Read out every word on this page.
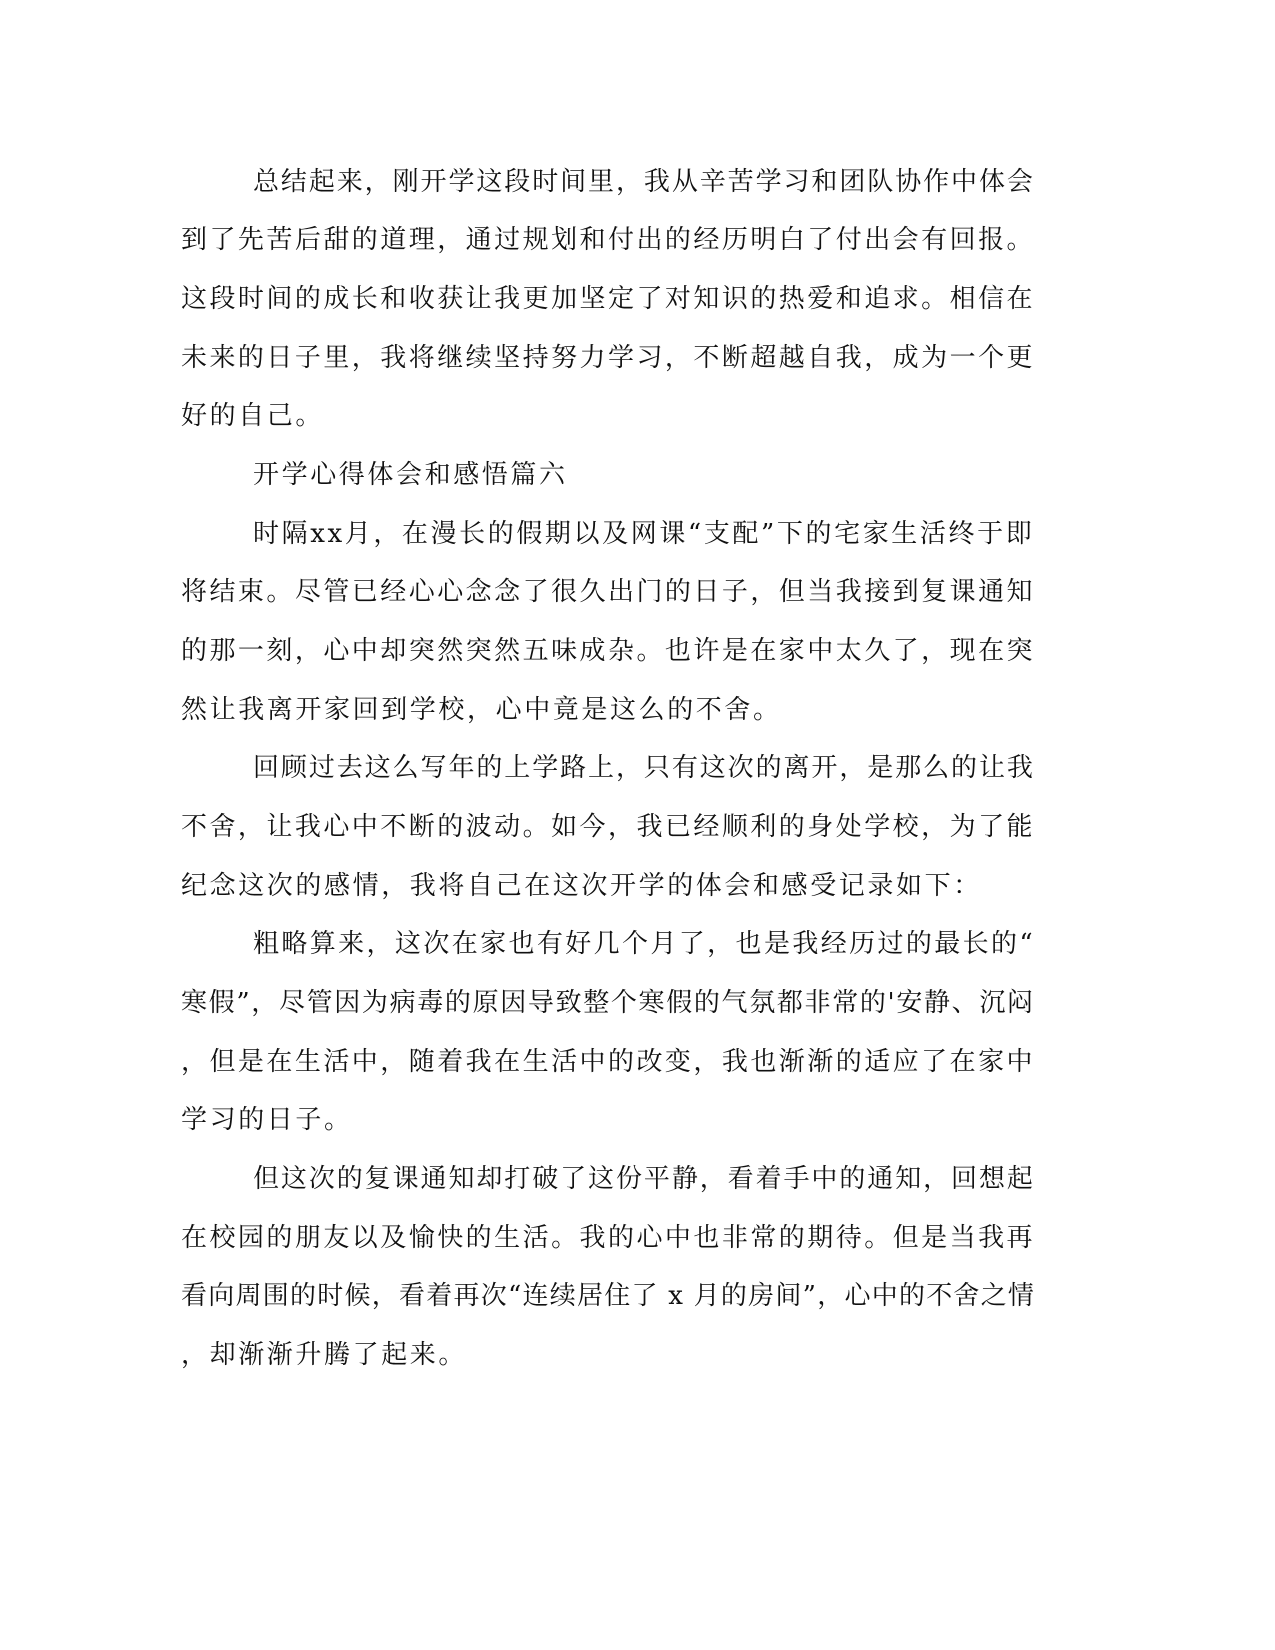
总结起来，刚开学这段时间里，我从辛苦学习和团队协作中体会
到了先苦后甜的道理，通过规划和付出的经历明白了付出会有回报。
这段时间的成长和收获让我更加坚定了对知识的热爱和追求。相信在
未来的日子里，我将继续坚持努力学习，不断超越自我，成为一个更
好的自己。
开学心得体会和感悟篇六
时隔xx月，在漫长的假期以及网课“支配”下的宅家生活终于即
将结束。尽管已经心心念念了很久出门的日子，但当我接到复课通知
的那一刻，心中却突然突然五味成杂。也许是在家中太久了，现在突
然让我离开家回到学校，心中竟是这么的不舍。
回顾过去这么写年的上学路上，只有这次的离开，是那么的让我
不舍，让我心中不断的波动。如今，我已经顺利的身处学校，为了能
纪念这次的感情，我将自己在这次开学的体会和感受记录如下：
粗略算来，这次在家也有好几个月了，也是我经历过的最长的“
寒假”，尽管因为病毒的原因导致整个寒假的气氛都非常的'安静、沉闷
，但是在生活中，随着我在生活中的改变，我也渐渐的适应了在家中
学习的日子。
但这次的复课通知却打破了这份平静，看着手中的通知，回想起
在校园的朋友以及愉快的生活。我的心中也非常的期待。但是当我再
看向周围的时候，看着再次“连续居住了 x 月的房间”，心中的不舍之情
，却渐渐升腾了起来。
